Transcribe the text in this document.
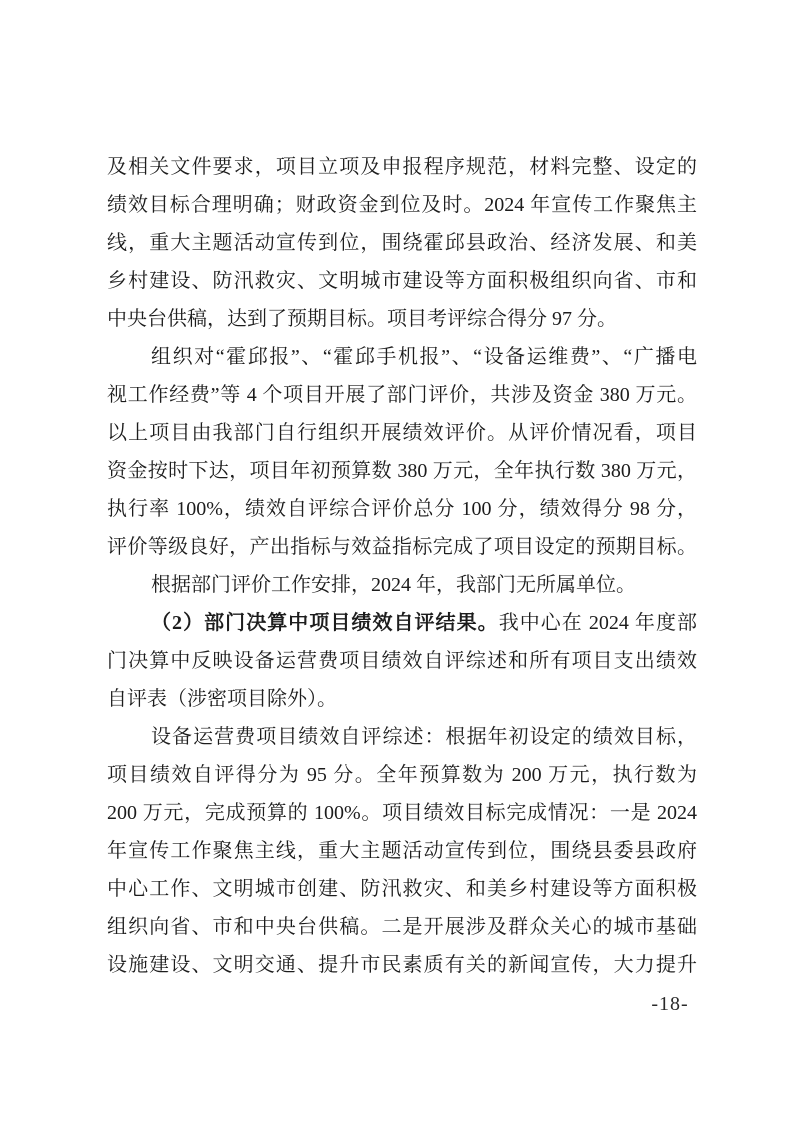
及相关文件要求，项目立项及申报程序规范，材料完整、设定的
绩效目标合理明确；财政资金到位及时。2024 年宣传工作聚焦主
线，重大主题活动宣传到位，围绕霍邱县政治、经济发展、和美
乡村建设、防汛救灾、文明城市建设等方面积极组织向省、市和
中央台供稿，达到了预期目标。项目考评综合得分 97 分。
组织对“霍邱报”、“霍邱手机报”、“设备运维费”、“广播电
视工作经费”等 4 个项目开展了部门评价，共涉及资金 380 万元。
以上项目由我部门自行组织开展绩效评价。从评价情况看，项目
资金按时下达，项目年初预算数 380 万元，全年执行数 380 万元，
执行率 100%，绩效自评综合评价总分 100 分，绩效得分 98 分，
评价等级良好，产出指标与效益指标完成了项目设定的预期目标。
根据部门评价工作安排，2024 年，我部门无所属单位。
（2）部门决算中项目绩效自评结果。我中心在 2024 年度部
门决算中反映设备运营费项目绩效自评综述和所有项目支出绩效
自评表（涉密项目除外）。
设备运营费项目绩效自评综述：根据年初设定的绩效目标，
项目绩效自评得分为 95 分。全年预算数为 200 万元，执行数为
200 万元，完成预算的 100%。项目绩效目标完成情况：一是 2024
年宣传工作聚焦主线，重大主题活动宣传到位，围绕县委县政府
中心工作、文明城市创建、防汛救灾、和美乡村建设等方面积极
组织向省、市和中央台供稿。二是开展涉及群众关心的城市基础
设施建设、文明交通、提升市民素质有关的新闻宣传，大力提升
-18-
